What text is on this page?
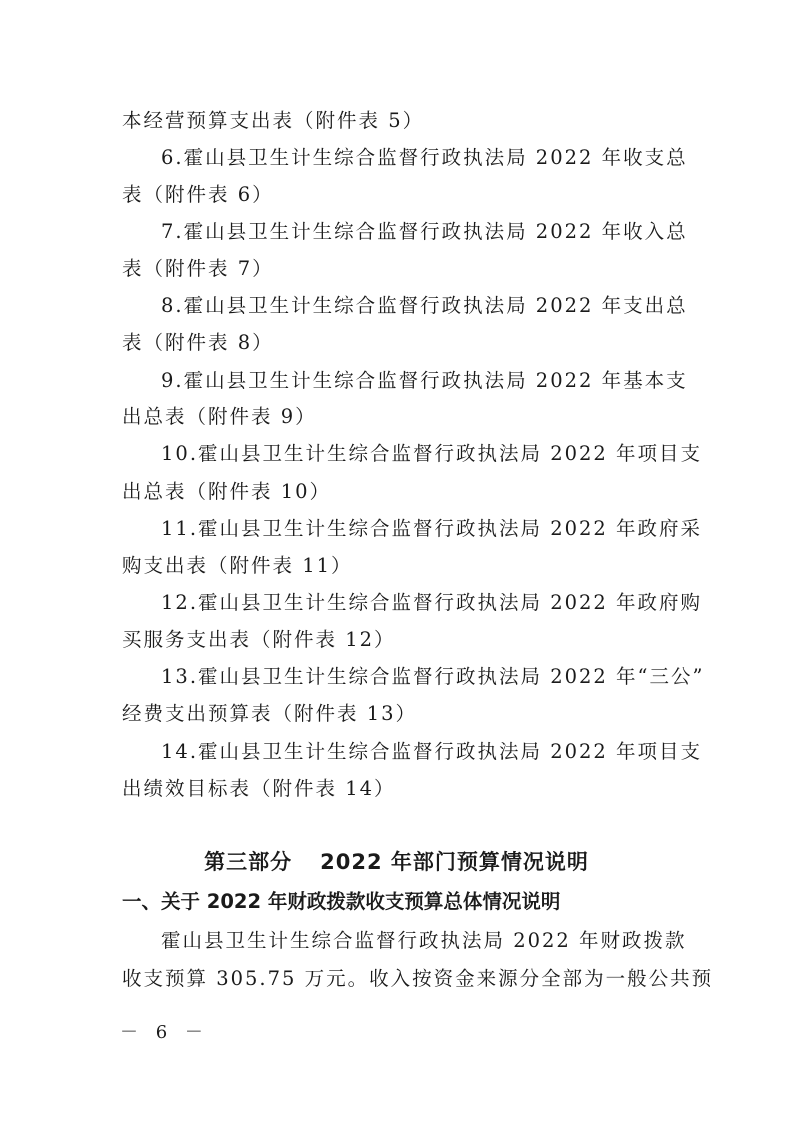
本经营预算支出表（附件表 5）
6.霍山县卫生计生综合监督行政执法局 2022 年收支总
表（附件表 6）
7.霍山县卫生计生综合监督行政执法局 2022 年收入总
表（附件表 7）
8.霍山县卫生计生综合监督行政执法局 2022 年支出总
表（附件表 8）
9.霍山县卫生计生综合监督行政执法局 2022 年基本支
出总表（附件表 9）
10.霍山县卫生计生综合监督行政执法局 2022 年项目支
出总表（附件表 10）
11.霍山县卫生计生综合监督行政执法局 2022 年政府采
购支出表（附件表 11）
12.霍山县卫生计生综合监督行政执法局 2022 年政府购
买服务支出表（附件表 12）
13.霍山县卫生计生综合监督行政执法局 2022 年“三公”
经费支出预算表（附件表 13）
14.霍山县卫生计生综合监督行政执法局 2022 年项目支
出绩效目标表（附件表 14）
第三部分 2022 年部门预算情况说明
一、关于 2022 年财政拨款收支预算总体情况说明
霍山县卫生计生综合监督行政执法局 2022 年财政拨款
收支预算 305.75 万元。收入按资金来源分全部为一般公共预
－ 6 －
